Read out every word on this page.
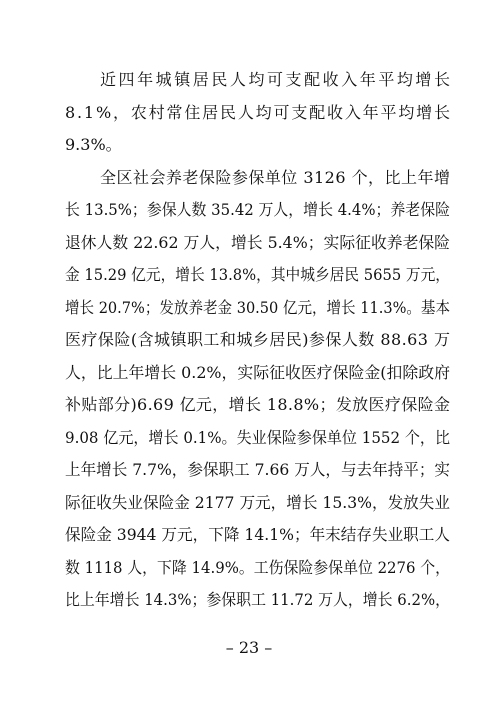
近四年城镇居民人均可支配收入年平均增长

8.1%，农村常住居民人均可支配收入年平均增长

9.3%。

全区社会养老保险参保单位 3126 个，比上年增

长 13.5%；参保人数 35.42 万人，增长 4.4%；养老保险

退休人数 22.62 万人，增长 5.4%；实际征收养老保险

金 15.29 亿元，增长 13.8%，其中城乡居民 5655 万元，

增长 20.7%；发放养老金 30.50 亿元，增长 11.3%。基本

医疗保险(含城镇职工和城乡居民)参保人数 88.63 万

人，比上年增长 0.2%，实际征收医疗保险金(扣除政府

补贴部分)6.69 亿元，增长 18.8%；发放医疗保险金

9.08 亿元，增长 0.1%。失业保险参保单位 1552 个，比

上年增长 7.7%，参保职工 7.66 万人，与去年持平；实

际征收失业保险金 2177 万元，增长 15.3%，发放失业

保险金 3944 万元，下降 14.1%；年末结存失业职工人

数 1118 人，下降 14.9%。工伤保险参保单位 2276 个，

– 23 –
比上年增长 14.3%；参保职工 11.72 万人，增长 6.2%，
